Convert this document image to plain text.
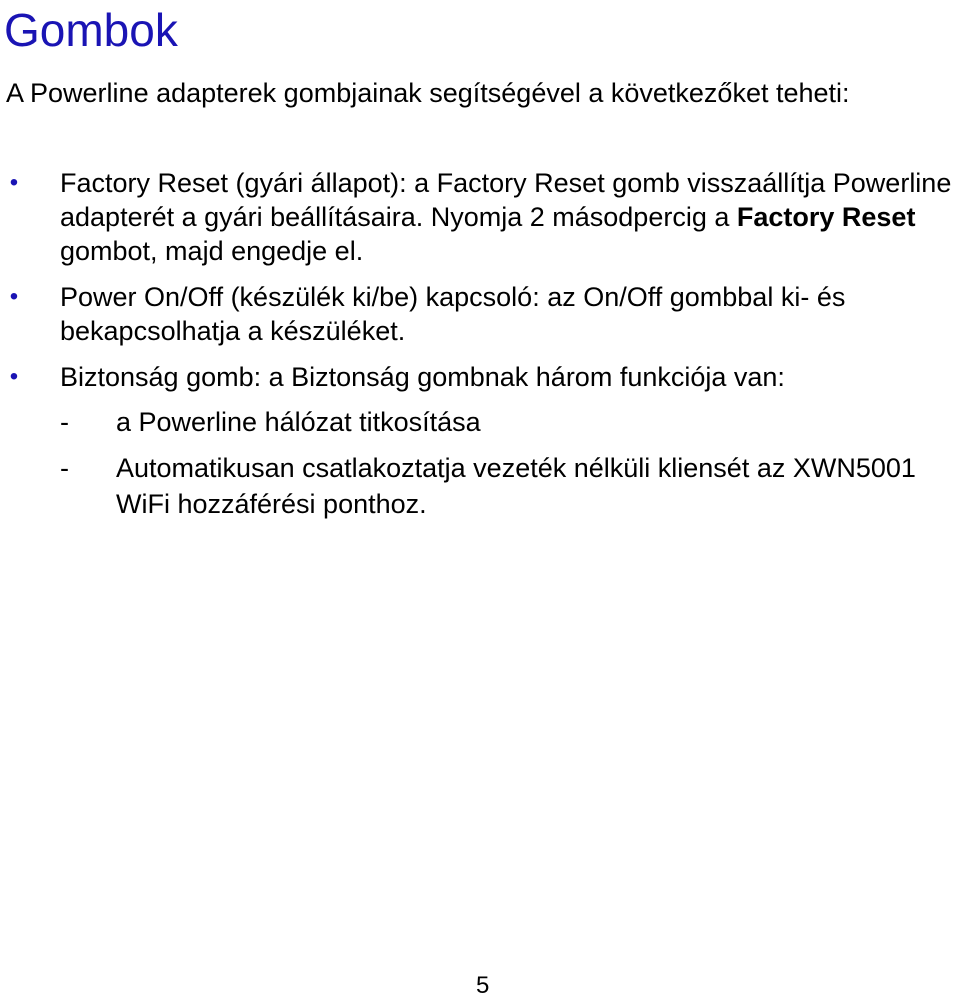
Gombok

A Powerline adapterek gombjainak segítségével a következőket teheti:

• Factory Reset (gyári állapot): a Factory Reset gomb visszaállítja Powerline adapterét a gyári beállításaira. Nyomja 2 másodpercig a Factory Reset gombot, majd engedje el.
• Power On/Off (készülék ki/be) kapcsoló: az On/Off gombbal ki- és bekapcsolhatja a készüléket.
• Biztonság gomb: a Biztonság gombnak három funkciója van:
-	a Powerline hálózat titkosítása
-	Automatikusan csatlakoztatja vezeték nélküli kliensét az XWN5001 WiFi hozzáférési ponthoz.
5
